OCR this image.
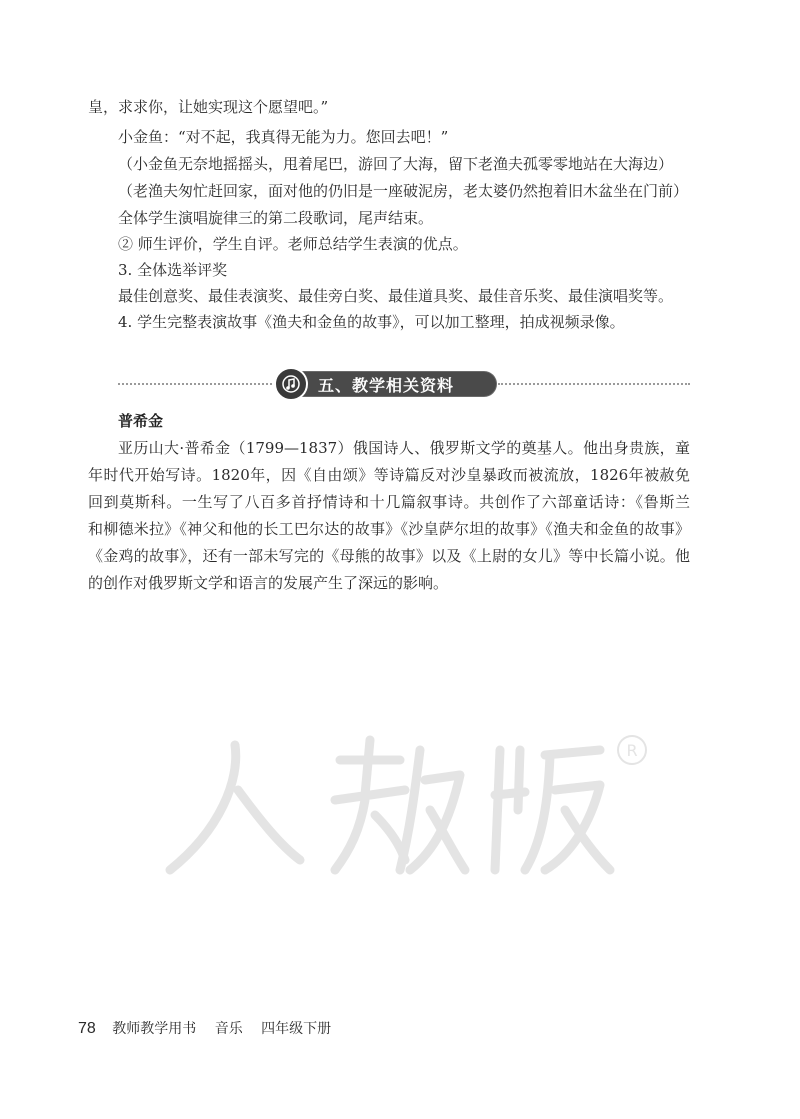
皇，求求你，让她实现这个愿望吧。”
小金鱼：“对不起，我真得无能为力。您回去吧！”
（小金鱼无奈地摇摇头，甩着尾巴，游回了大海，留下老渔夫孤零零地站在大海边）
（老渔夫匆忙赶回家，面对他的仍旧是一座破泥房，老太婆仍然抱着旧木盆坐在门前）
全体学生演唱旋律三的第二段歌词，尾声结束。
② 师生评价，学生自评。老师总结学生表演的优点。
3. 全体选举评奖
最佳创意奖、最佳表演奖、最佳旁白奖、最佳道具奖、最佳音乐奖、最佳演唱奖等。
4. 学生完整表演故事《渔夫和金鱼的故事》，可以加工整理，拍成视频录像。
五、教学相关资料
普希金
亚历山大·普希金（1799—1837）俄国诗人、俄罗斯文学的奠基人。他出身贵族，童
年时代开始写诗。1820年，因《自由颂》等诗篇反对沙皇暴政而被流放，1826年被赦免
回到莫斯科。一生写了八百多首抒情诗和十几篇叙事诗。共创作了六部童话诗：《鲁斯兰
和柳德米拉》《神父和他的长工巴尔达的故事》《沙皇萨尔坦的故事》《渔夫和金鱼的故事》
《金鸡的故事》，还有一部未写完的《母熊的故事》以及《上尉的女儿》等中长篇小说。他
的创作对俄罗斯文学和语言的发展产生了深远的影响。
R
78 教师教学用书 音乐 四年级下册
